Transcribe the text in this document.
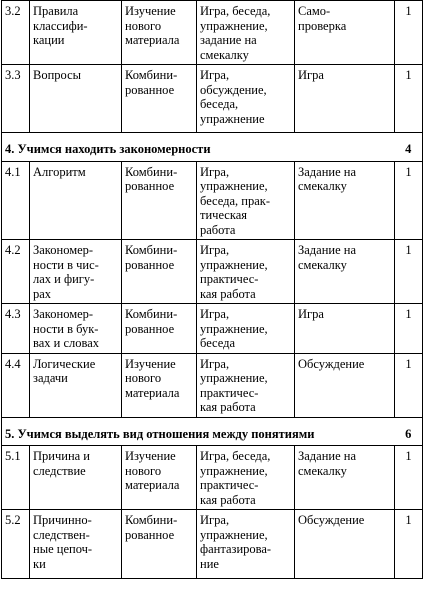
3.2	Правила
классифи-
кации	Изучение
нового
материала	Игра, беседа,
упражнение,
задание на
смекалку	Само-
проверка	1
3.3	Вопросы	Комбини-
рованное	Игра,
обсуждение,
беседа,
упражнение	Игра	1
4. Учимся находить закономерности					4
4.1	Алгоритм	Комбини-
рованное	Игра,
упражнение,
беседа, прак-
тическая
работа	Задание на
смекалку	1
4.2	Закономер-
ности в чис-
лах и фигу-
рах	Комбини-
рованное	Игра,
упражнение,
практичес-
кая работа	Задание на
смекалку	1
4.3	Закономер-
ности в бук-
вах и словах	Комбини-
рованное	Игра,
упражнение,
беседа	Игра	1
4.4	Логические
задачи	Изучение
нового
материала	Игра,
упражнение,
практичес-
кая работа	Обсуждение	1
5. Учимся выделять вид отношения между понятиями					6
5.1	Причина и
следствие	Изучение
нового
материала	Игра, беседа,
упражнение,
практичес-
кая работа	Задание на
смекалку	1
5.2	Причинно-
следствен-
ные цепоч-
ки	Комбини-
рованное	Игра,
упражнение,
фантазирова-
ние	Обсуждение	1
